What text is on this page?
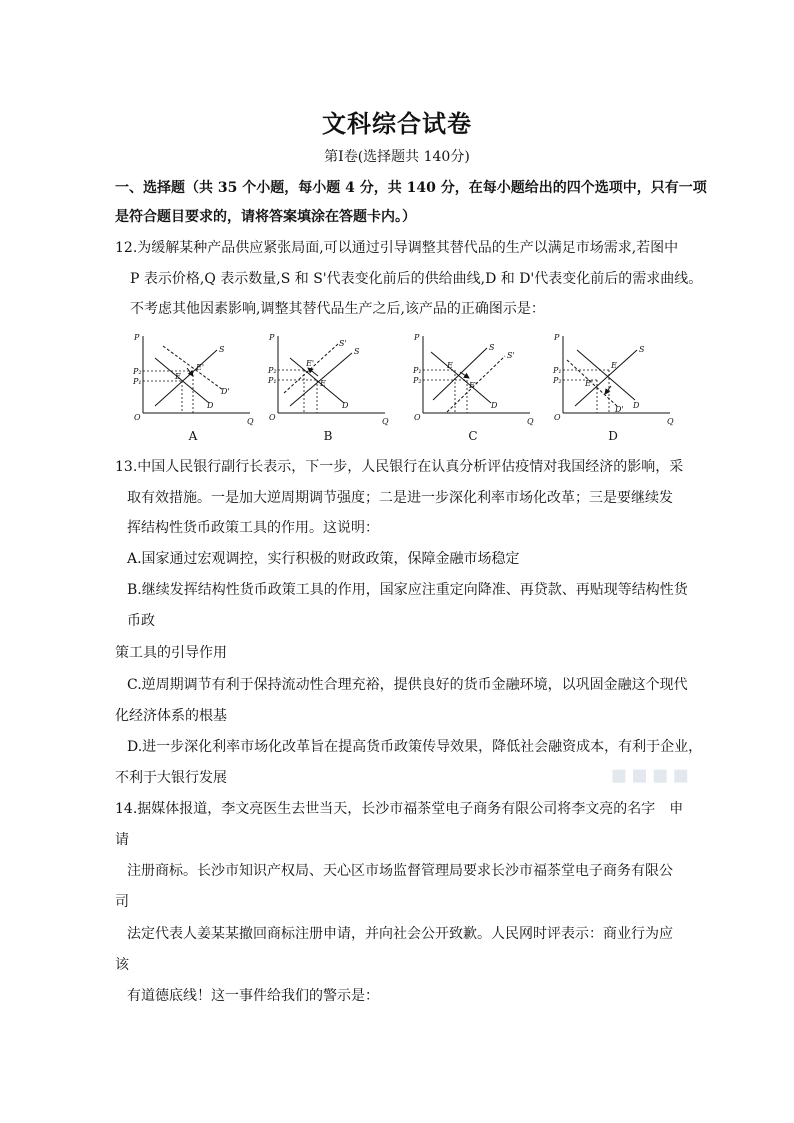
文科综合试卷
第Ⅰ卷(选择题共 140分)
一、选择题（共 35 个小题，每小题 4 分，共 140 分，在每小题给出的四个选项中，只有一项
是符合题目要求的，请将答案填涂在答题卡内。）
12.为缓解某种产品供应紧张局面,可以通过引导调整其替代品的生产以满足市场需求,若图中
P 表示价格,Q 表示数量,S 和 S'代表变化前后的供给曲线,D 和 D'代表变化前后的需求曲线。
不考虑其他因素影响,调整其替代品生产之后,该产品的正确图示是：
P
Q
O
P₂
P₁
S
D
D'
E
E'
A
P
Q
O
P₂
P₁
S
S'
D
E
E'
B
P
Q
O
P₁
P₂
S
S'
D
E
E'
C
P
Q
O
P₁
P₂
S
D
D'
E
E'
D
13.中国人民银行副行长表示，下一步，人民银行在认真分析评估疫情对我国经济的影响，采
取有效措施。一是加大逆周期调节强度；二是进一步深化利率市场化改革；三是要继续发
挥结构性货币政策工具的作用。这说明：
A.国家通过宏观调控，实行积极的财政政策，保障金融市场稳定
B.继续发挥结构性货币政策工具的作用，国家应注重定向降准、再贷款、再贴现等结构性货
币政
策工具的引导作用
C.逆周期调节有利于保持流动性合理充裕，提供良好的货币金融环境，以巩固金融这个现代
化经济体系的根基
D.进一步深化利率市场化改革旨在提高货币政策传导效果，降低社会融资成本，有利于企业，
不利于大银行发展
14.据媒体报道，李文亮医生去世当天，长沙市福茶堂电子商务有限公司将李文亮的名字　申
请
注册商标。长沙市知识产权局、天心区市场监督管理局要求长沙市福茶堂电子商务有限公
司
法定代表人姜某某撤回商标注册申请，并向社会公开致歉。人民网时评表示：商业行为应
该
有道德底线！这一事件给我们的警示是：
▪▪▪▪
